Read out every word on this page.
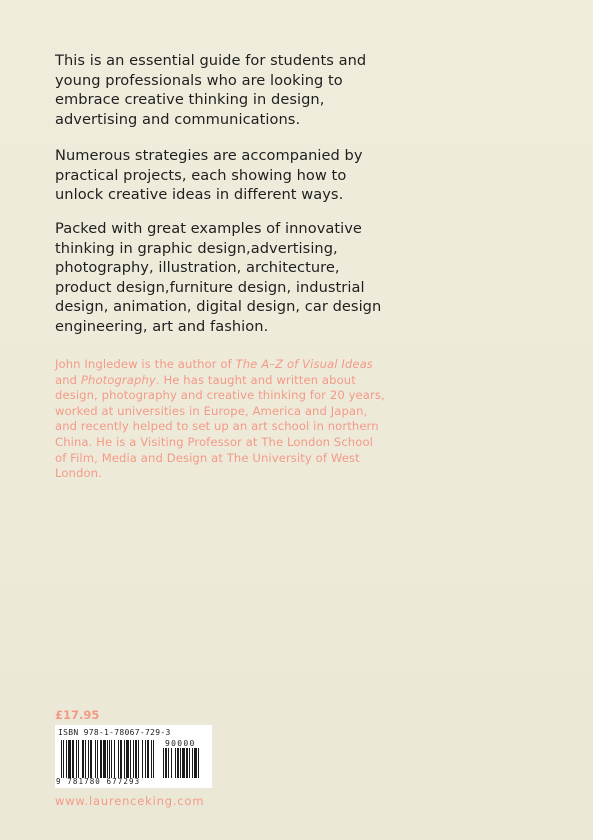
This is an essential guide for students and young professionals who are looking to embrace creative thinking in design, advertising and communications.

Numerous strategies are accompanied by practical projects, each showing how to unlock creative ideas in different ways.

Packed with great examples of innovative thinking in graphic design,advertising, photography, illustration, architecture, product design,furniture design, industrial design, animation, digital design, car design engineering, art and fashion.

John Ingledew is the author of The A–Z of Visual Ideas and Photography. He has taught and written about design, photography and creative thinking for 20 years, worked at universities in Europe, America and Japan, and recently helped to set up an art school in northern China. He is a Visiting Professor at The London School of Film, Media and Design at The University of West London.

£17.95
ISBN 978-1-78067-729-3
90000
9 781780 677293
www.laurenceking.com
